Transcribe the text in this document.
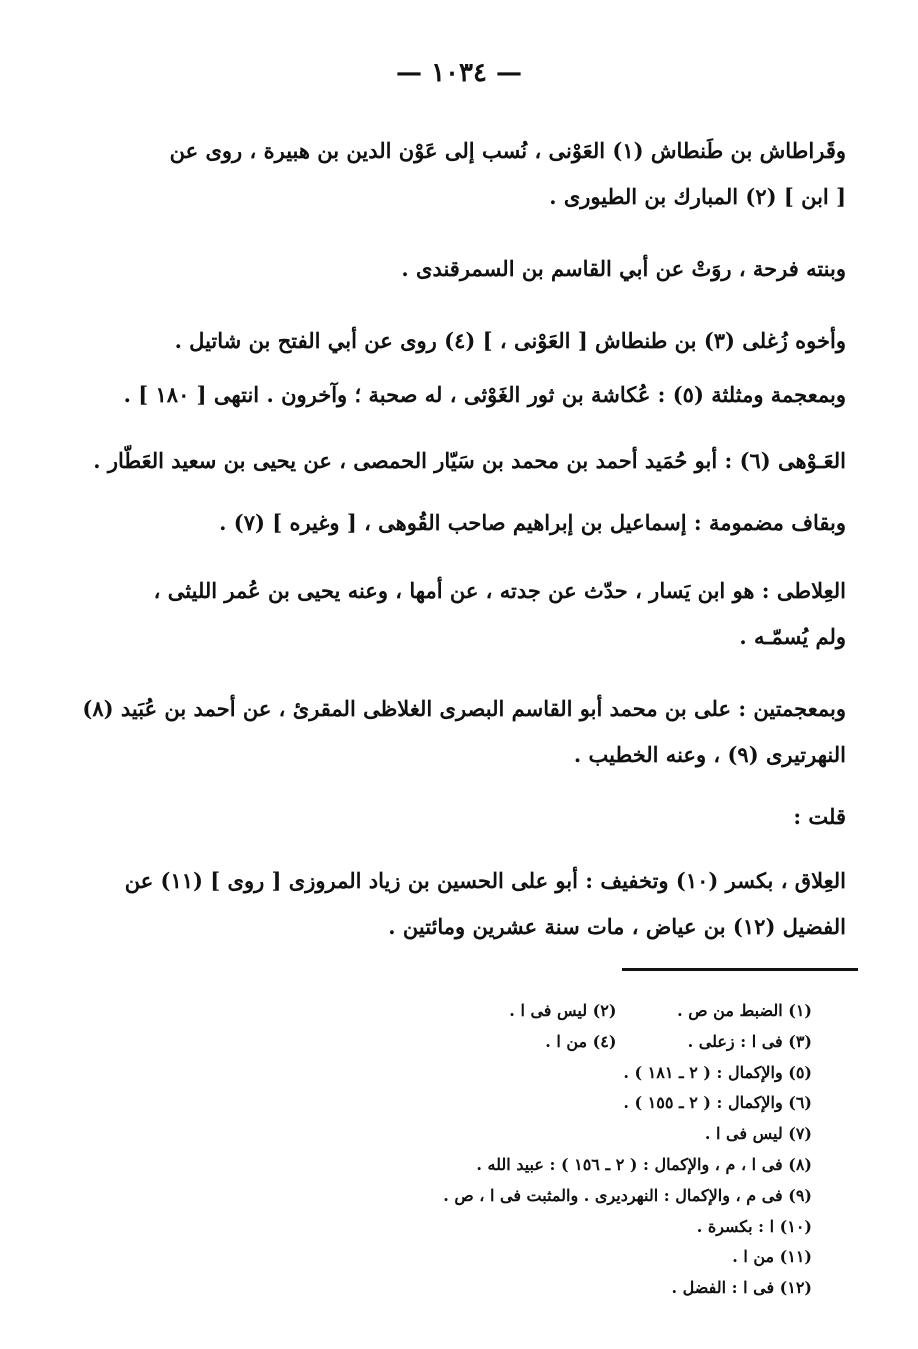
— ١٠٣٤ —
وقَراطاش بن طَنطاش (١) العَوْنى ، نُسب إلى عَوْن الدين بن هبيرة ، روى عن
[ ابن ] (٢) المبارك بن الطيورى .
وبنته فرحة ، روَتْ عن أبي القاسم بن السمرقندى .
وأخوه زُغلى (٣) بن طنطاش [ العَوْنى ، ] (٤) روى عن أبي الفتح بن شاتيل .
وبمعجمة ومثلثة (٥) : عُكاشة بن ثور الغَوْثى ، له صحبة ؛ وآخرون . انتهى [ ١٨٠ ] .
العَـوْهى (٦) : أبو حُمَيد أحمد بن محمد بن سَيّار الحمصى ، عن يحيى بن سعيد العَطّار .
وبقاف مضمومة : إسماعيل بن إبراهيم صاحب القُوهى ، [ وغيره ] (٧) .
العِلاطى : هو ابن يَسار ، حدّث عن جدته ، عن أمها ، وعنه يحيى بن عُمر الليثى ،
ولم يُسمّـه .
وبمعجمتين : على بن محمد أبو القاسم البصرى الغلاظى المقرئ ، عن أحمد بن عُبَيد (٨)
النهرتيرى (٩) ، وعنه الخطيب .
قلت :
العِلاق ، بكسر (١٠) وتخفيف : أبو على الحسين بن زياد المروزى [ روى ] (١١) عن
الفضيل (١٢) بن عياض ، مات سنة عشرين ومائتين .
(١) الضبط من ص . (٢) ليس فى ا .
(٣) فى ا : زعلى . (٤) من ا .
(٥) والإكمال : ( ٢ ـ ١٨١ ) .
(٦) والإكمال : ( ٢ ـ ١٥٥ ) .
(٧) ليس فى ا .
(٨) فى ا ، م ، والإكمال : ( ٢ ـ ١٥٦ ) : عبيد الله .
(٩) فى م ، والإكمال : النهرديرى . والمثبت فى ا ، ص .
(١٠) ا : بكسرة .
(١١) من ا .
(١٢) فى ا : الفضل .
